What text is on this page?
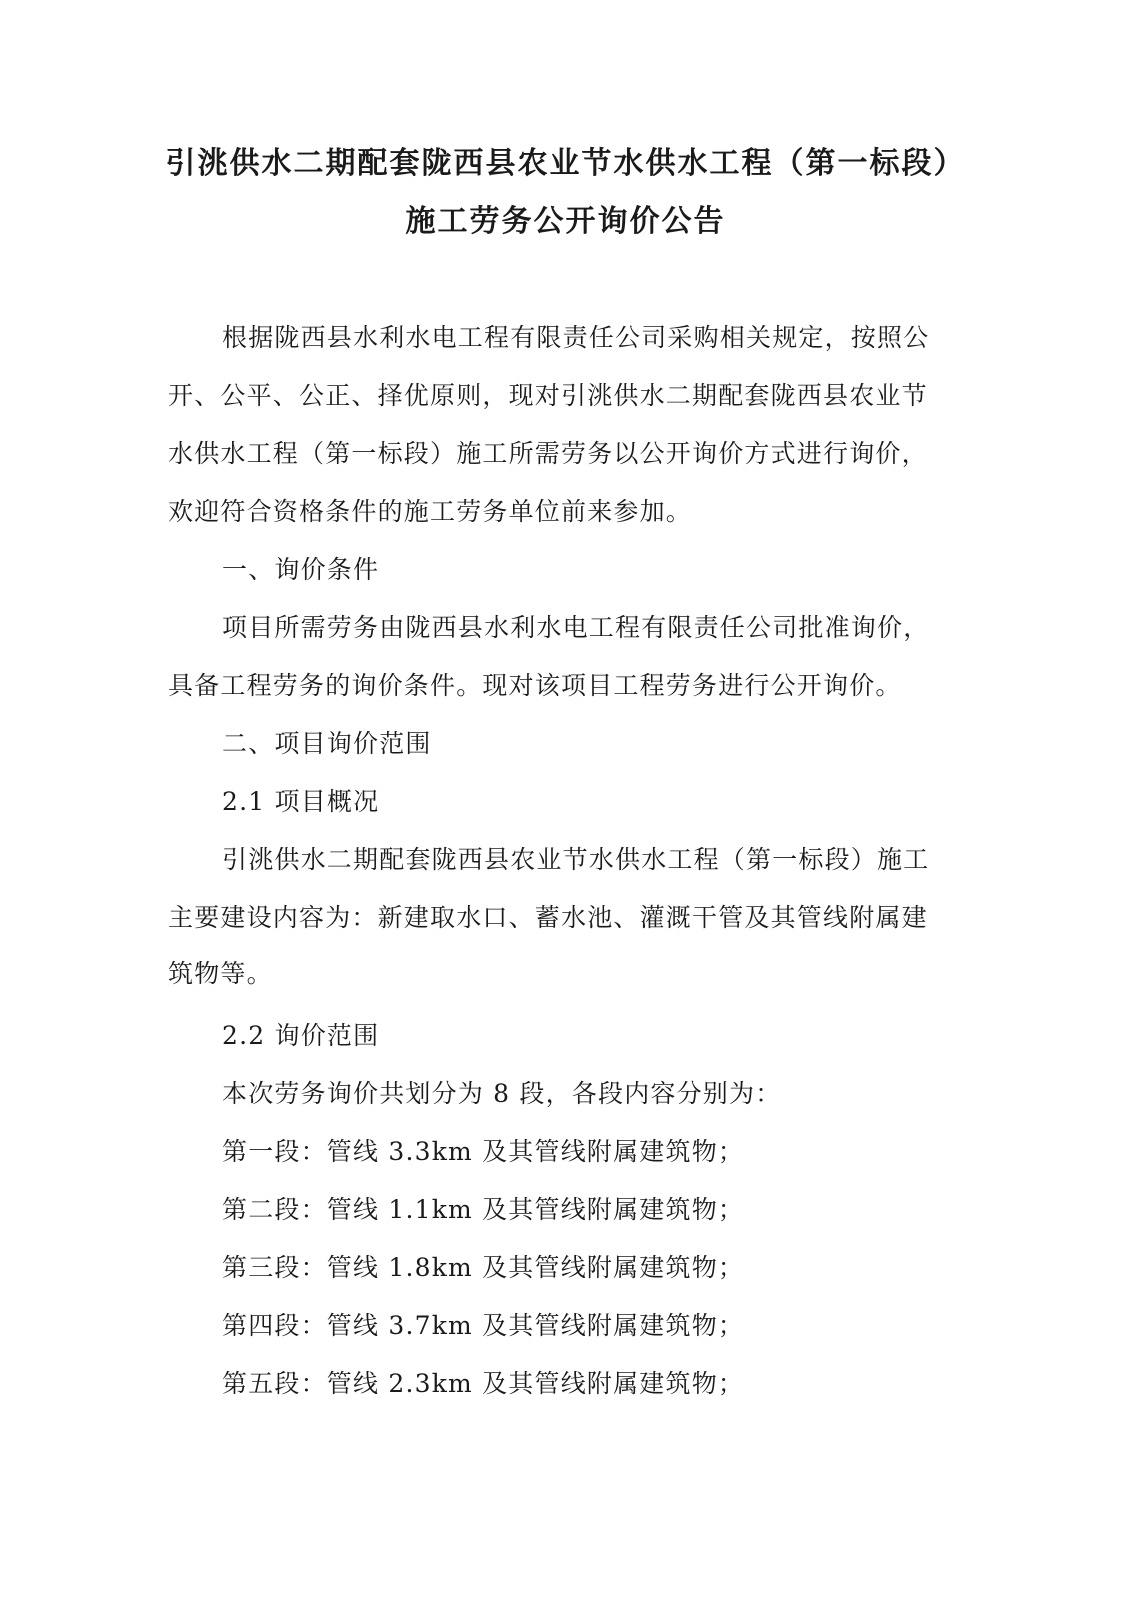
引洮供水二期配套陇西县农业节水供水工程（第一标段）
施工劳务公开询价公告
根据陇西县水利水电工程有限责任公司采购相关规定，按照公
开、公平、公正、择优原则，现对引洮供水二期配套陇西县农业节
水供水工程（第一标段）施工所需劳务以公开询价方式进行询价，
欢迎符合资格条件的施工劳务单位前来参加。
一、询价条件
项目所需劳务由陇西县水利水电工程有限责任公司批准询价，
具备工程劳务的询价条件。现对该项目工程劳务进行公开询价。
二、项目询价范围
2.1 项目概况
引洮供水二期配套陇西县农业节水供水工程（第一标段）施工
主要建设内容为：新建取水口、蓄水池、灌溉干管及其管线附属建
筑物等。
2.2 询价范围
本次劳务询价共划分为 8 段，各段内容分别为：
第一段：管线 3.3km 及其管线附属建筑物；
第二段：管线 1.1km 及其管线附属建筑物；
第三段：管线 1.8km 及其管线附属建筑物；
第四段：管线 3.7km 及其管线附属建筑物；
第五段：管线 2.3km 及其管线附属建筑物；
